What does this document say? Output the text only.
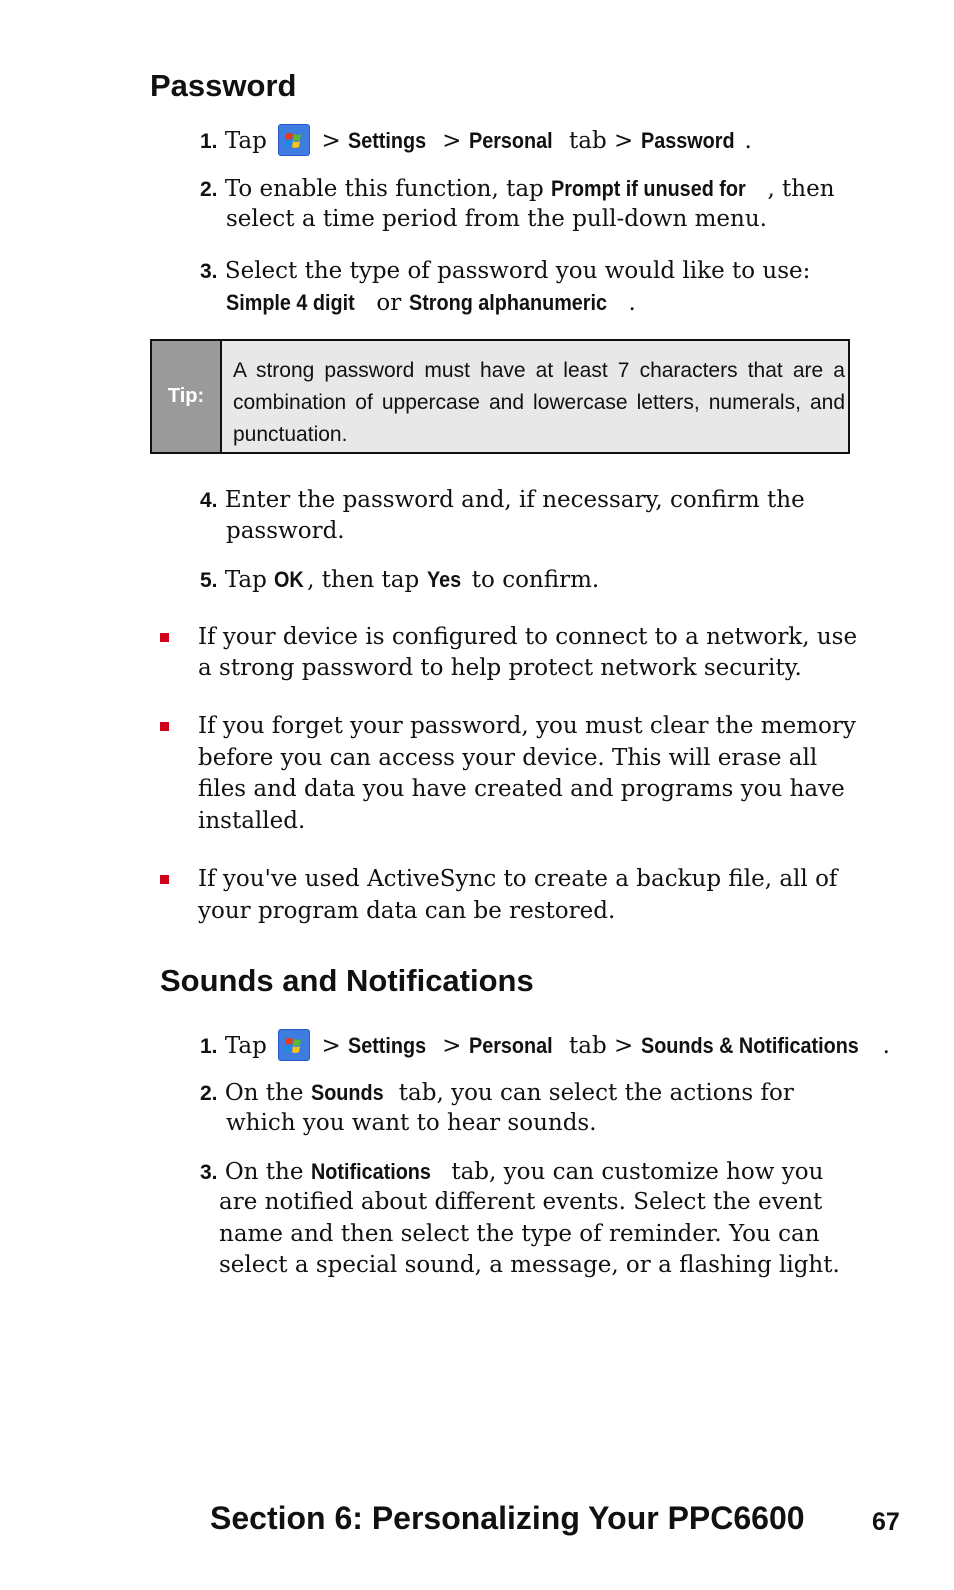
Password
1. Tap > Settings > Personal tab > Password .
2. To enable this function, tap Prompt if unused for , then
select a time period from the pull-down menu.
3. Select the type of password you would like to use:
Simple 4 digit or Strong alphanumeric .
Tip:
A strong password must have at least 7 characters that are a
combination of uppercase and lowercase letters, numerals, and
punctuation.
4. Enter the password and, if necessary, confirm the
password.
5. Tap OK , then tap Yes to confirm.
If your device is configured to connect to a network, use
a strong password to help protect network security.
If you forget your password, you must clear the memory
before you can access your device. This will erase all
files and data you have created and programs you have
installed.
If you've used ActiveSync to create a backup file, all of
your program data can be restored.
Sounds and Notifications
1. Tap > Settings > Personal tab > Sounds & Notifications .
2. On the Sounds tab, you can select the actions for
which you want to hear sounds.
3. On the Notifications tab, you can customize how you
are notified about different events. Select the event
name and then select the type of reminder. You can
select a special sound, a message, or a flashing light.
Section 6: Personalizing Your PPC6600	67
